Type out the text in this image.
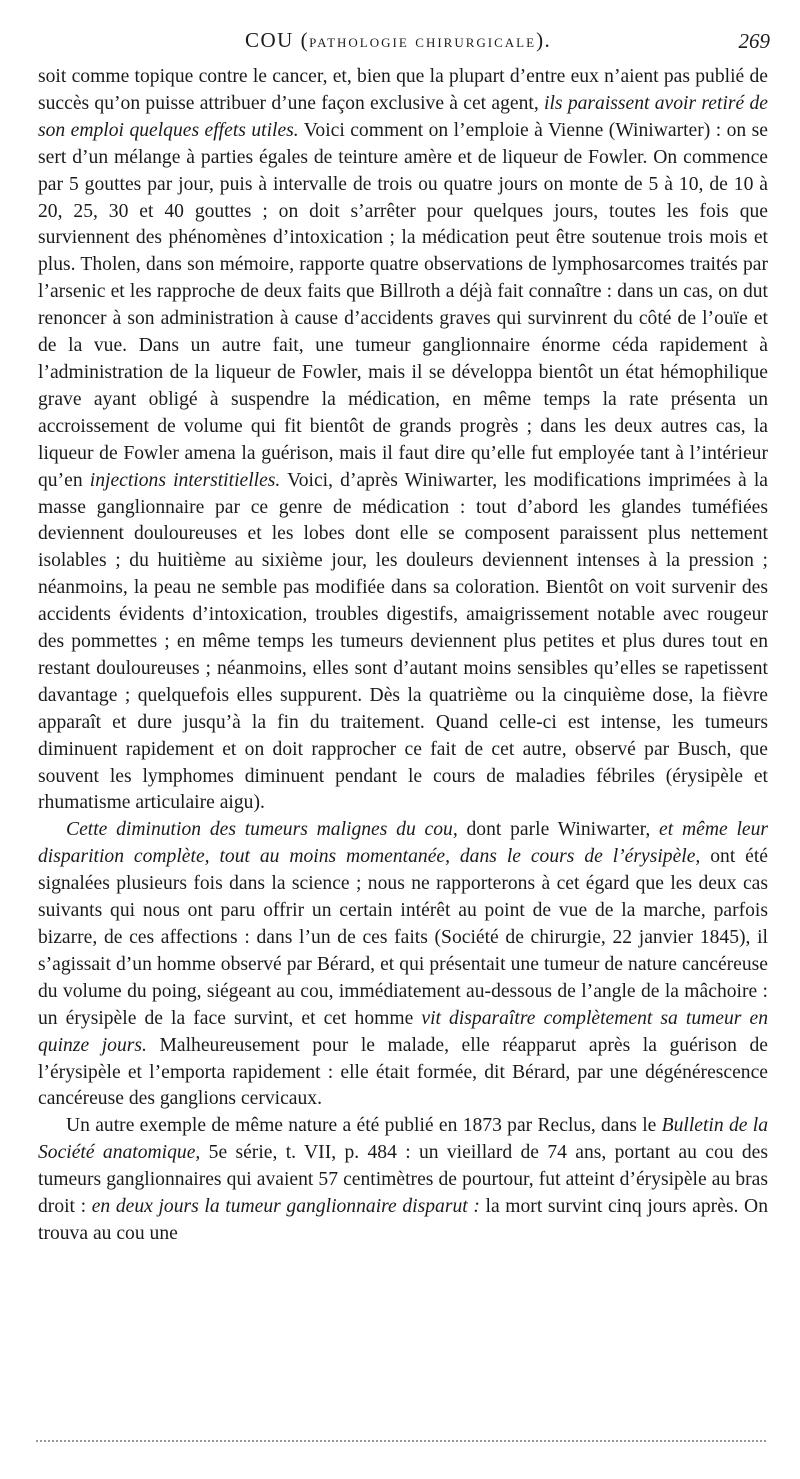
COU (pathologie chirurgicale).	269

soit comme topique contre le cancer, et, bien que la plupart d’entre eux n’aient pas publié de succès qu’on puisse attribuer d’une façon exclusive à cet agent, ils paraissent avoir retiré de son emploi quelques effets utiles. Voici comment on l’emploie à Vienne (Winiwarter) : on se sert d’un mélange à parties égales de teinture amère et de liqueur de Fowler. On commence par 5 gouttes par jour, puis à intervalle de trois ou quatre jours on monte de 5 à 10, de 10 à 20, 25, 30 et 40 gouttes ; on doit s’arrêter pour quelques jours, toutes les fois que surviennent des phénomènes d’intoxication ; la médication peut être soutenue trois mois et plus. Tholen, dans son mémoire, rapporte quatre observations de lymphosarcomes traités par l’arsenic et les rapproche de deux faits que Billroth a déjà fait connaître : dans un cas, on dut renoncer à son administration à cause d’accidents graves qui survinrent du côté de l’ouïe et de la vue. Dans un autre fait, une tumeur ganglionnaire énorme céda rapidement à l’administration de la liqueur de Fowler, mais il se développa bientôt un état hémophilique grave ayant obligé à suspendre la médication, en même temps la rate présenta un accroissement de volume qui fit bientôt de grands progrès ; dans les deux autres cas, la liqueur de Fowler amena la guérison, mais il faut dire qu’elle fut employée tant à l’intérieur qu’en injections interstitielles. Voici, d’après Winiwarter, les modifications imprimées à la masse ganglionnaire par ce genre de médication : tout d’abord les glandes tuméfiées deviennent douloureuses et les lobes dont elle se composent paraissent plus nettement isolables ; du huitième au sixième jour, les douleurs deviennent intenses à la pression ; néanmoins, la peau ne semble pas modifiée dans sa coloration. Bientôt on voit survenir des accidents évidents d’intoxication, troubles digestifs, amaigrissement notable avec rougeur des pommettes ; en même temps les tumeurs deviennent plus petites et plus dures tout en restant douloureuses ; néanmoins, elles sont d’autant moins sensibles qu’elles se rapetissent davantage ; quelquefois elles suppurent. Dès la quatrième ou la cinquième dose, la fièvre apparaît et dure jusqu’à la fin du traitement. Quand celle-ci est intense, les tumeurs diminuent rapidement et on doit rapprocher ce fait de cet autre, observé par Busch, que souvent les lymphomes diminuent pendant le cours de maladies fébriles (érysipèle et rhumatisme articulaire aigu).

Cette diminution des tumeurs malignes du cou, dont parle Winiwarter, et même leur disparition complète, tout au moins momentanée, dans le cours de l’érysipèle, ont été signalées plusieurs fois dans la science ; nous ne rapporterons à cet égard que les deux cas suivants qui nous ont paru offrir un certain intérêt au point de vue de la marche, parfois bizarre, de ces affections : dans l’un de ces faits (Société de chirurgie, 22 janvier 1845), il s’agissait d’un homme observé par Bérard, et qui présentait une tumeur de nature cancéreuse du volume du poing, siégeant au cou, immédiatement au-dessous de l’angle de la mâchoire : un érysipèle de la face survint, et cet homme vit disparaître complètement sa tumeur en quinze jours. Malheureusement pour le malade, elle réapparut après la guérison de l’érysipèle et l’emporta rapidement : elle était formée, dit Bérard, par une dégénérescence cancéreuse des ganglions cervicaux.

Un autre exemple de même nature a été publié en 1873 par Reclus, dans le Bulletin de la Société anatomique, 5e série, t. VII, p. 484 : un vieillard de 74 ans, portant au cou des tumeurs ganglionnaires qui avaient 57 centimètres de pourtour, fut atteint d’érysipèle au bras droit : en deux jours la tumeur ganglionnaire disparut : la mort survint cinq jours après. On trouva au cou une
